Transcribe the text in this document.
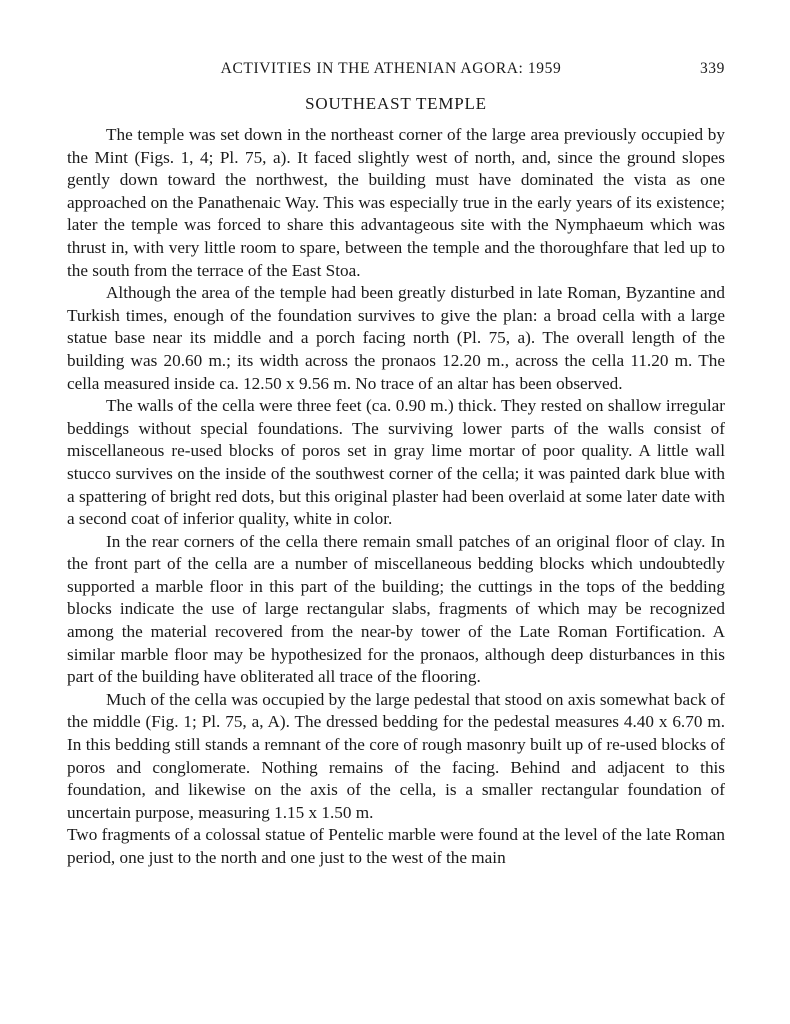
ACTIVITIES IN THE ATHENIAN AGORA: 1959	339
SOUTHEAST TEMPLE

The temple was set down in the northeast corner of the large area previously occupied by the Mint (Figs. 1, 4; Pl. 75, a). It faced slightly west of north, and, since the ground slopes gently down toward the northwest, the building must have dominated the vista as one approached on the Panathenaic Way. This was especially true in the early years of its existence; later the temple was forced to share this advantageous site with the Nymphaeum which was thrust in, with very little room to spare, between the temple and the thoroughfare that led up to the south from the terrace of the East Stoa.

Although the area of the temple had been greatly disturbed in late Roman, Byzantine and Turkish times, enough of the foundation survives to give the plan: a broad cella with a large statue base near its middle and a porch facing north (Pl. 75, a). The overall length of the building was 20.60 m.; its width across the pronaos 12.20 m., across the cella 11.20 m. The cella measured inside ca. 12.50 x 9.56 m. No trace of an altar has been observed.

The walls of the cella were three feet (ca. 0.90 m.) thick. They rested on shallow irregular beddings without special foundations. The surviving lower parts of the walls consist of miscellaneous re-used blocks of poros set in gray lime mortar of poor quality. A little wall stucco survives on the inside of the southwest corner of the cella; it was painted dark blue with a spattering of bright red dots, but this original plaster had been overlaid at some later date with a second coat of inferior quality, white in color.

In the rear corners of the cella there remain small patches of an original floor of clay. In the front part of the cella are a number of miscellaneous bedding blocks which undoubtedly supported a marble floor in this part of the building; the cuttings in the tops of the bedding blocks indicate the use of large rectangular slabs, fragments of which may be recognized among the material recovered from the near-by tower of the Late Roman Fortification. A similar marble floor may be hypothesized for the pronaos, although deep disturbances in this part of the building have obliterated all trace of the flooring.

Much of the cella was occupied by the large pedestal that stood on axis somewhat back of the middle (Fig. 1; Pl. 75, a, A). The dressed bedding for the pedestal measures 4.40 x 6.70 m. In this bedding still stands a remnant of the core of rough masonry built up of re-used blocks of poros and conglomerate. Nothing remains of the facing. Behind and adjacent to this foundation, and likewise on the axis of the cella, is a smaller rectangular foundation of uncertain purpose, measuring 1.15 x 1.50 m.

Two fragments of a colossal statue of Pentelic marble were found at the level of the late Roman period, one just to the north and one just to the west of the main
